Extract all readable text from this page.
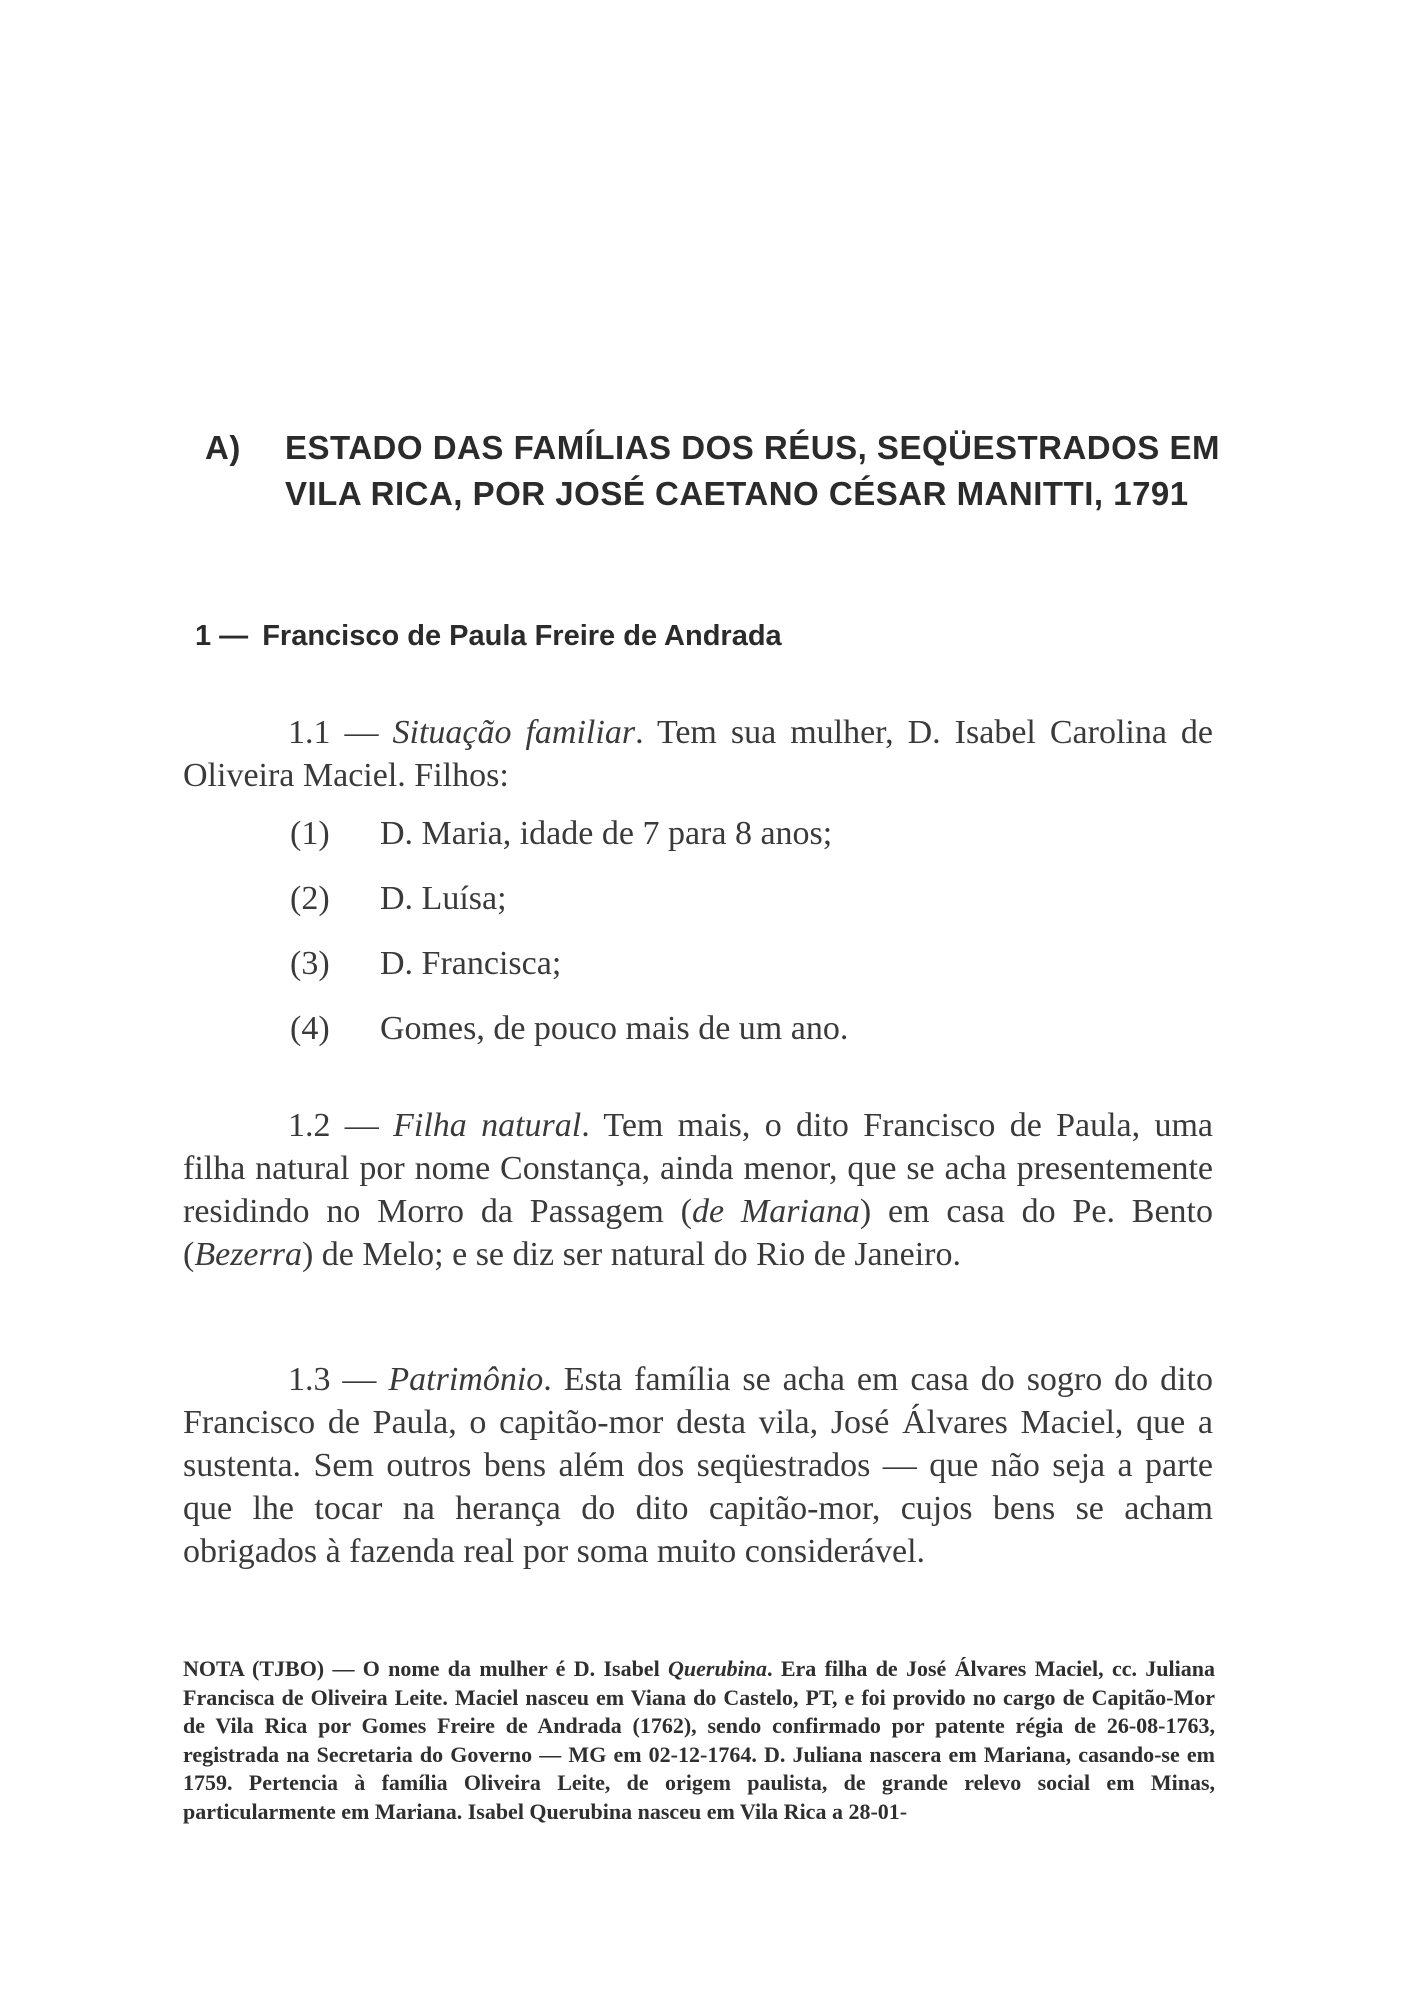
A) ESTADO DAS FAMÍLIAS DOS RÉUS, SEQÜESTRADOS EM VILA RICA, POR JOSÉ CAETANO CÉSAR MANITTI, 1791
1 — Francisco de Paula Freire de Andrada
1.1 — Situação familiar. Tem sua mulher, D. Isabel Carolina de Oliveira Maciel. Filhos:
(1)	D. Maria, idade de 7 para 8 anos;
(2)	D. Luísa;
(3)	D. Francisca;
(4)	Gomes, de pouco mais de um ano.
1.2 — Filha natural. Tem mais, o dito Francisco de Paula, uma filha natural por nome Constança, ainda menor, que se acha presentemente residindo no Morro da Passagem (de Mariana) em casa do Pe. Bento (Bezerra) de Melo; e se diz ser natural do Rio de Janeiro.
1.3 — Patrimônio. Esta família se acha em casa do sogro do dito Francisco de Paula, o capitão-mor desta vila, José Álvares Maciel, que a sustenta. Sem outros bens além dos seqüestrados — que não seja a parte que lhe tocar na herança do dito capitão-mor, cujos bens se acham obrigados à fazenda real por soma muito considerável.
NOTA (TJBO) — O nome da mulher é D. Isabel Querubina. Era filha de José Álvares Maciel, cc. Juliana Francisca de Oliveira Leite. Maciel nasceu em Viana do Castelo, PT, e foi provido no cargo de Capitão-Mor de Vila Rica por Gomes Freire de Andrada (1762), sendo confirmado por patente régia de 26-08-1763, registrada na Secretaria do Governo — MG em 02-12-1764. D. Juliana nascera em Mariana, casando-se em 1759. Pertencia à família Oliveira Leite, de origem paulista, de grande relevo social em Minas, particularmente em Mariana. Isabel Querubina nasceu em Vila Rica a 28-01-
